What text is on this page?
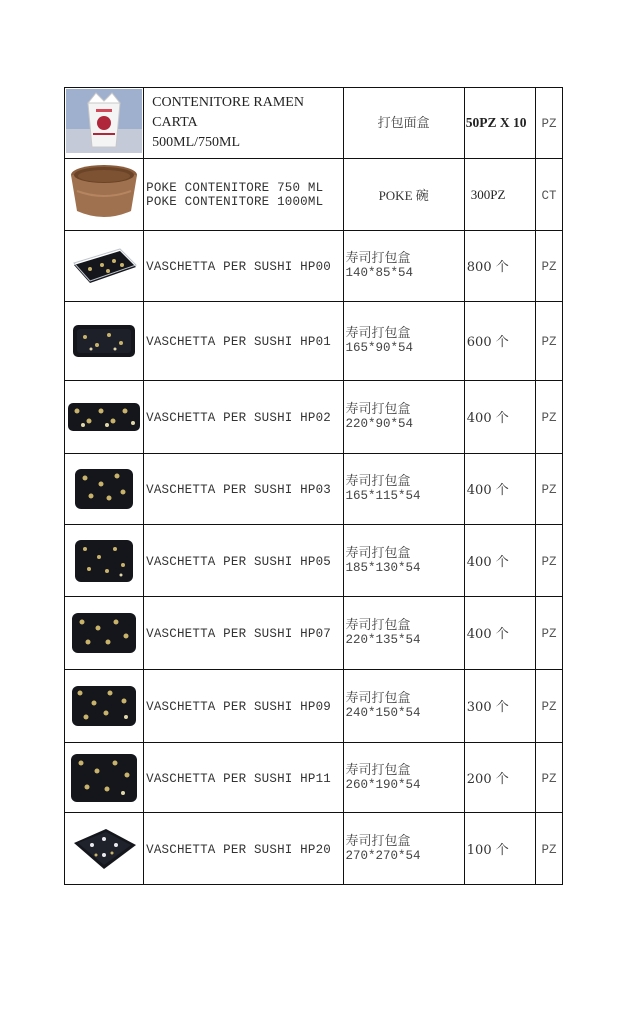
CONTENITORE RAMEN CARTA
500ML/750ML	打包面盒	50PZ X 10	PZ

POKE CONTENITORE 750 ML
POKE CONTENITORE 1000ML	POKE 碗	300PZ	CT

	VASCHETTA PER SUSHI HP00	寿司打包盒
140*85*54	800 个	PZ

	VASCHETTA PER SUSHI HP01	寿司打包盒
165*90*54	600 个	PZ

	VASCHETTA PER SUSHI HP02	寿司打包盒
220*90*54	400 个	PZ

	VASCHETTA PER SUSHI HP03	寿司打包盒
165*115*54	400 个	PZ

	VASCHETTA PER SUSHI HP05	寿司打包盒
185*130*54	400 个	PZ

	VASCHETTA PER SUSHI HP07	寿司打包盒
220*135*54	400 个	PZ

	VASCHETTA PER SUSHI HP09	寿司打包盒
240*150*54	300 个	PZ

	VASCHETTA PER SUSHI HP11	寿司打包盒
260*190*54	200 个	PZ

	VASCHETTA PER SUSHI HP20	寿司打包盒
270*270*54	100 个	PZ
